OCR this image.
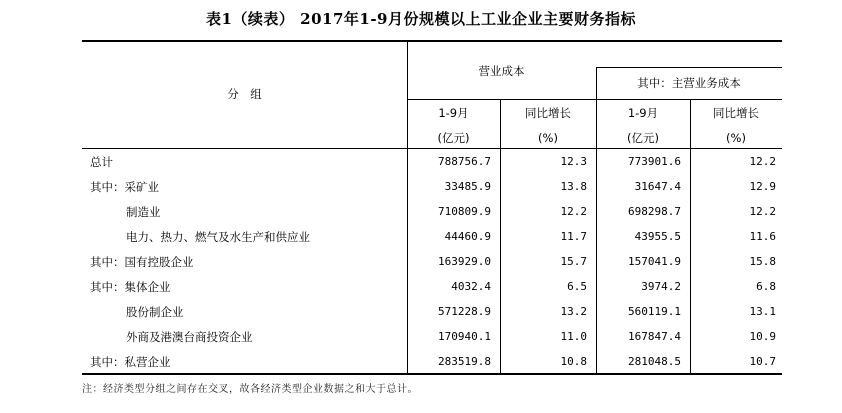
表1（续表） 2017年1-9月份规模以上工业企业主要财务指标
分　组
营业成本
其中：主营业务成本
1-9月
(亿元)
同比增长
(%)
1-9月
(亿元)
同比增长
(%)
总计	788756.7	12.3	773901.6	12.2
其中：采矿业	33485.9	13.8	31647.4	12.9
制造业	710809.9	12.2	698298.7	12.2
电力、热力、燃气及水生产和供应业	44460.9	11.7	43955.5	11.6
其中：国有控股企业	163929.0	15.7	157041.9	15.8
其中：集体企业	4032.4	6.5	3974.2	6.8
股份制企业	571228.9	13.2	560119.1	13.1
外商及港澳台商投资企业	170940.1	11.0	167847.4	10.9
其中：私营企业	283519.8	10.8	281048.5	10.7
注：经济类型分组之间存在交叉，故各经济类型企业数据之和大于总计。
